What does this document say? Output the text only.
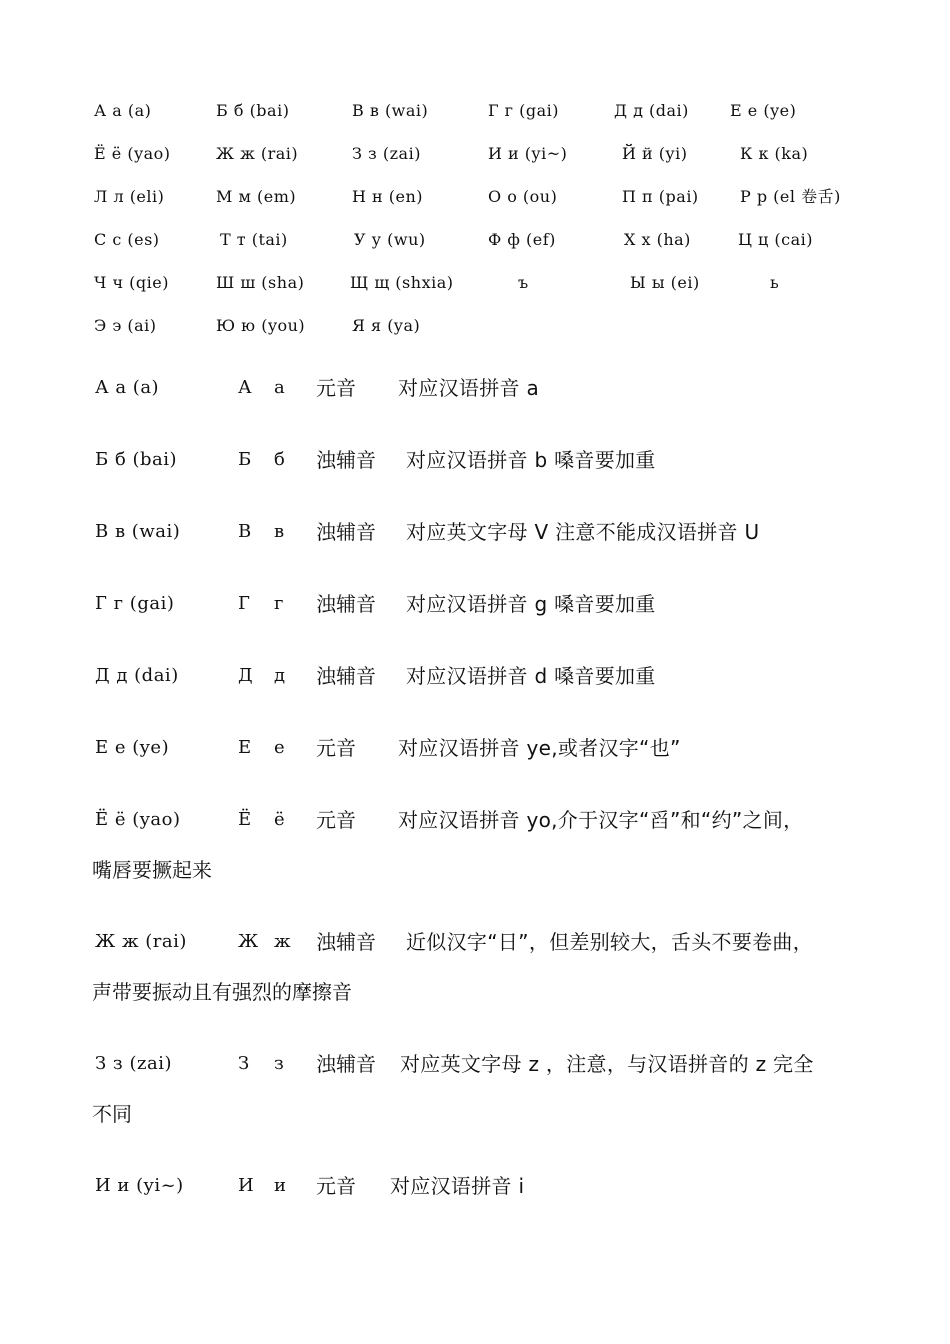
А а (a)	Б б (bai)	В в (wai)	Г г (gai)	Д д (dai)	Е е (ye)
Ё ё (yao)	Ж ж (rai)	З з (zai)	И и (yi~)	Й й (yi)	К к (ka)
Л л (eli)	М м (em)	Н н (en)	О о (ou)	П п (pai)	Р р (el 卷舌)
С с (es)	Т т (tai)	У у (wu)	Ф ф (ef)	Х х (ha)	Ц ц (cai)
Ч ч (qie)	Ш ш (sha)	Щ щ (shxia)	ъ	Ы ы (ei)	ь
Э э (ai)	Ю ю (you)	Я я (ya)
А а (a)	А а	元音 对应汉语拼音 a
Б б (bai)	Б б	浊辅音 对应汉语拼音 b 嗓音要加重
В в (wai)	В в	浊辅音 对应英文字母 V 注意不能成汉语拼音 U
Г г (gai)	Г г	浊辅音 对应汉语拼音 g 嗓音要加重
Д д (dai)	Д д	浊辅音 对应汉语拼音 d 嗓音要加重
Е е (ye)	Е е	元音 对应汉语拼音 ye,或者汉字“也”
Ё ё (yao)	Ё ё	元音 对应汉语拼音 yo,介于汉字“舀”和“约”之间，
嘴唇要撅起来
Ж ж (rai)	Ж ж	浊辅音 近似汉字“日”，但差别较大，舌头不要卷曲，
声带要振动且有强烈的摩擦音
З з (zai)	З з	浊辅音 对应英文字母 z ，注意，与汉语拼音的 z 完全
不同
И и (yi~)	И и	元音 对应汉语拼音 i
